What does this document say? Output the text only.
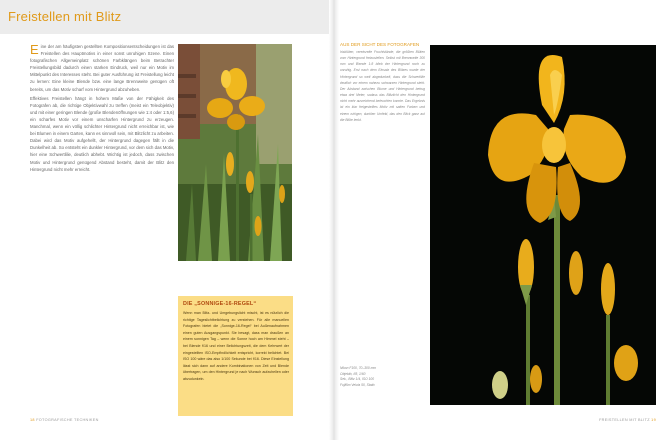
Freistellen mit Blitz
E ine der am häufigsten gestellten Kompositionsentscheidungen ist das Freistellen des Hauptmotivs in einer sonst unruhigen Szene. Einen fotografischen Allgemeinplatz schönen Farbklängen beim Betrachter Freistellungsbild dadurch einen starken Eindruck, weil nur ein Motiv im Mittelpunkt des Interesses steht. Bei guter Ausführung ist Freistellung leicht zu lernen: Eine kleine Blende bzw. eine lange Brennweite genügen oft bereits, um das Motiv scharf vom Hintergrund abzuheben.

Effektives Freistellen hängt in hohem Maße von der Fähigkeit des Fotografen ab, die richtige Objektivwahl zu treffen (meist ein Teleobjektiv) und mit einer geringen Blende (große Blendenöffnungen wie 1:4 oder 1:5,6) ein scharfes Motiv vor einem unscharfen Hintergrund zu erzeugen. Manchmal, wenn ein völlig schlichter Hintergrund nicht erreichbar ist, wie bei Blumen in einem Garten, kann es sinnvoll sein, mit Blitzlicht zu arbeiten. Dabei wird das Motiv aufgehellt, der Hintergrund dagegen fällt in die Dunkelheit ab. So entsteht ein dunkler Hintergrund, vor dem sich das Motiv, hier eine Schwertlilie, deutlich abhebt. Wichtig ist jedoch, dass zwischen Motiv und Hintergrund genügend Abstand besteht, damit der Blitz den Hintergrund nicht mehr erreicht.

DIE „SONNIGE-16-REGEL“
Wenn man Blitz- und Umgebungslicht mischt, ist es nützlich die richtige Tageslichtbelichtung zu verstehen. Für alle manuellen Fotografen bietet die „Sonnige-16-Regel“ bei Außenaufnahmen einen guten Ausgangspunkt. Sie besagt, dass man draußen an einem sonnigen Tag – wenn die Sonne hoch am Himmel steht – bei Blende f/16 und einer Belichtungszeit, die dem Kehrwert der eingestellten ISO-Empfindlichkeit entspricht, korrekt belichtet. Bei ISO 100 wäre das also 1/100 Sekunde bei f/16. Diese Einstellung lässt sich dann auf andere Kombinationen von Zeit und Blende übertragen, um den Hintergrund je nach Wunsch aufzuhellen oder abzudunkeln.
AUS DER SICHT DES FOTOGRAFEN
Irisblüten, vereinzelte Fruchtstände, die größten Blüten vom Hintergrund freizustellen. Selbst mit Brennweite 300 mm und Blende 1:8 blieb der Hintergrund noch zu unruhig. Erst nach dem Einsatz des Blitzes wurde der Hintergrund so weit abgedunkelt, dass die Schwertlilie deutlich vor einem nahezu schwarzen Hintergrund steht. Der Abstand zwischen Blume und Hintergrund betrug etwa drei Meter, sodass das Blitzlicht den Hintergrund nicht mehr ausreichend beleuchten konnte. Das Ergebnis ist ein klar freigestelltes Motiv mit satten Farben und einem ruhigen, dunklen Umfeld, das den Blick ganz auf die Blüte lenkt.
Nikon F100, 70–300 mm
Objektiv, f/8, 1/60
Sek., Blitz 1/4, ISO 100
Fujifilm Velvia 50, Stativ
18 FOTOGRAFISCHE TECHNIKEN	FREISTELLEN MIT BLITZ 19
